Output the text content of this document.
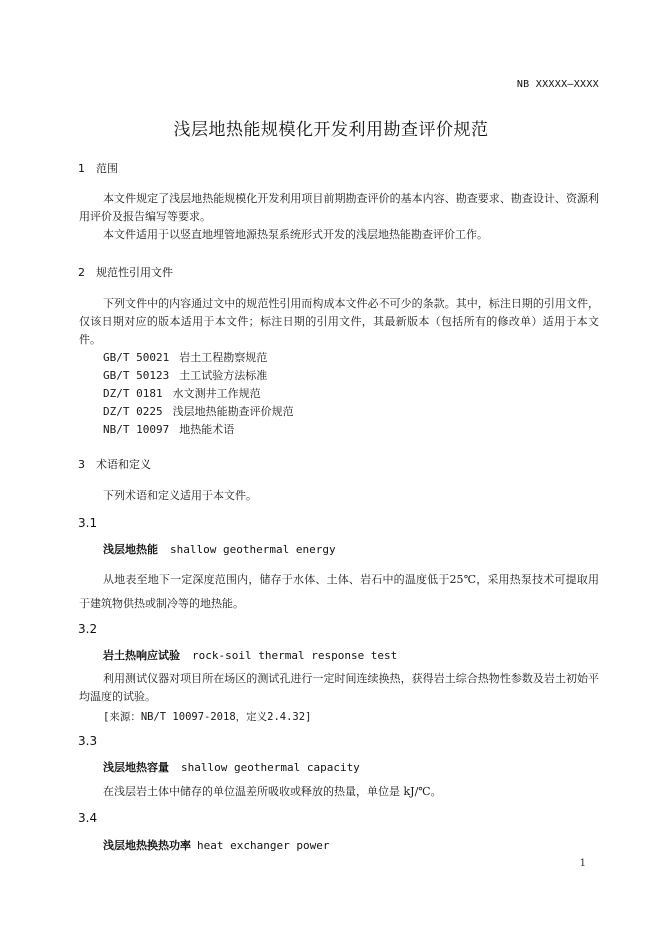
NB XXXXX—XXXX
浅层地热能规模化开发利用勘查评价规范
1 范围

本文件规定了浅层地热能规模化开发利用项目前期勘查评价的基本内容、勘查要求、勘查设计、资源利用评价及报告编写等要求。

本文件适用于以竖直地埋管地源热泵系统形式开发的浅层地热能勘查评价工作。

2 规范性引用文件

下列文件中的内容通过文中的规范性引用而构成本文件必不可少的条款。其中，标注日期的引用文件，仅该日期对应的版本适用于本文件；标注日期的引用文件，其最新版本（包括所有的修改单）适用于本文件。

GB/T 50021 岩土工程勘察规范

GB/T 50123 土工试验方法标准

DZ/T 0181 水文测井工作规范

DZ/T 0225 浅层地热能勘查评价规范

NB/T 10097 地热能术语

3 术语和定义

下列术语和定义适用于本文件。

3.1

浅层地热能 shallow geothermal energy

从地表至地下一定深度范围内，储存于水体、土体、岩石中的温度低于25℃，采用热泵技术可提取用于建筑物供热或制冷等的地热能。

3.2

岩土热响应试验 rock-soil thermal response test

利用测试仪器对项目所在场区的测试孔进行一定时间连续换热，获得岩土综合热物性参数及岩土初始平均温度的试验。

[来源：NB/T 10097-2018，定义2.4.32]

3.3

浅层地热容量 shallow geothermal capacity

在浅层岩土体中储存的单位温差所吸收或释放的热量，单位是 kJ/℃。

3.4

浅层地热换热功率 heat exchanger power

1
